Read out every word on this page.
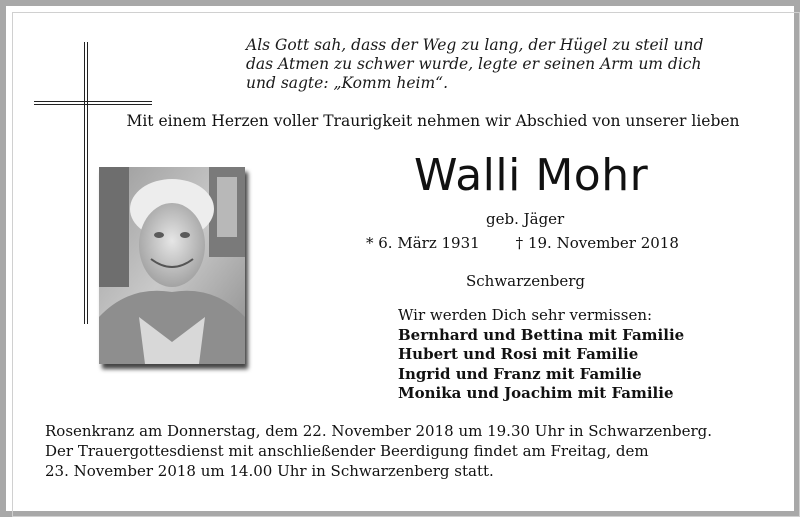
Als Gott sah, dass der Weg zu lang, der Hügel zu steil und
das Atmen zu schwer wurde, legte er seinen Arm um dich
und sagte: „Komm heim“.
Mit einem Herzen voller Traurigkeit nehmen wir Abschied von unserer lieben
Walli Mohr
geb. Jäger
* 6. März 1931 † 19. November 2018
Schwarzenberg
Wir werden Dich sehr vermissen:
Bernhard und Bettina mit Familie
Hubert und Rosi mit Familie
Ingrid und Franz mit Familie
Monika und Joachim mit Familie
Rosenkranz am Donnerstag, dem 22. November 2018 um 19.30 Uhr in Schwarzenberg.
Der Trauergottesdienst mit anschließender Beerdigung findet am Freitag, dem
23. November 2018 um 14.00 Uhr in Schwarzenberg statt.
